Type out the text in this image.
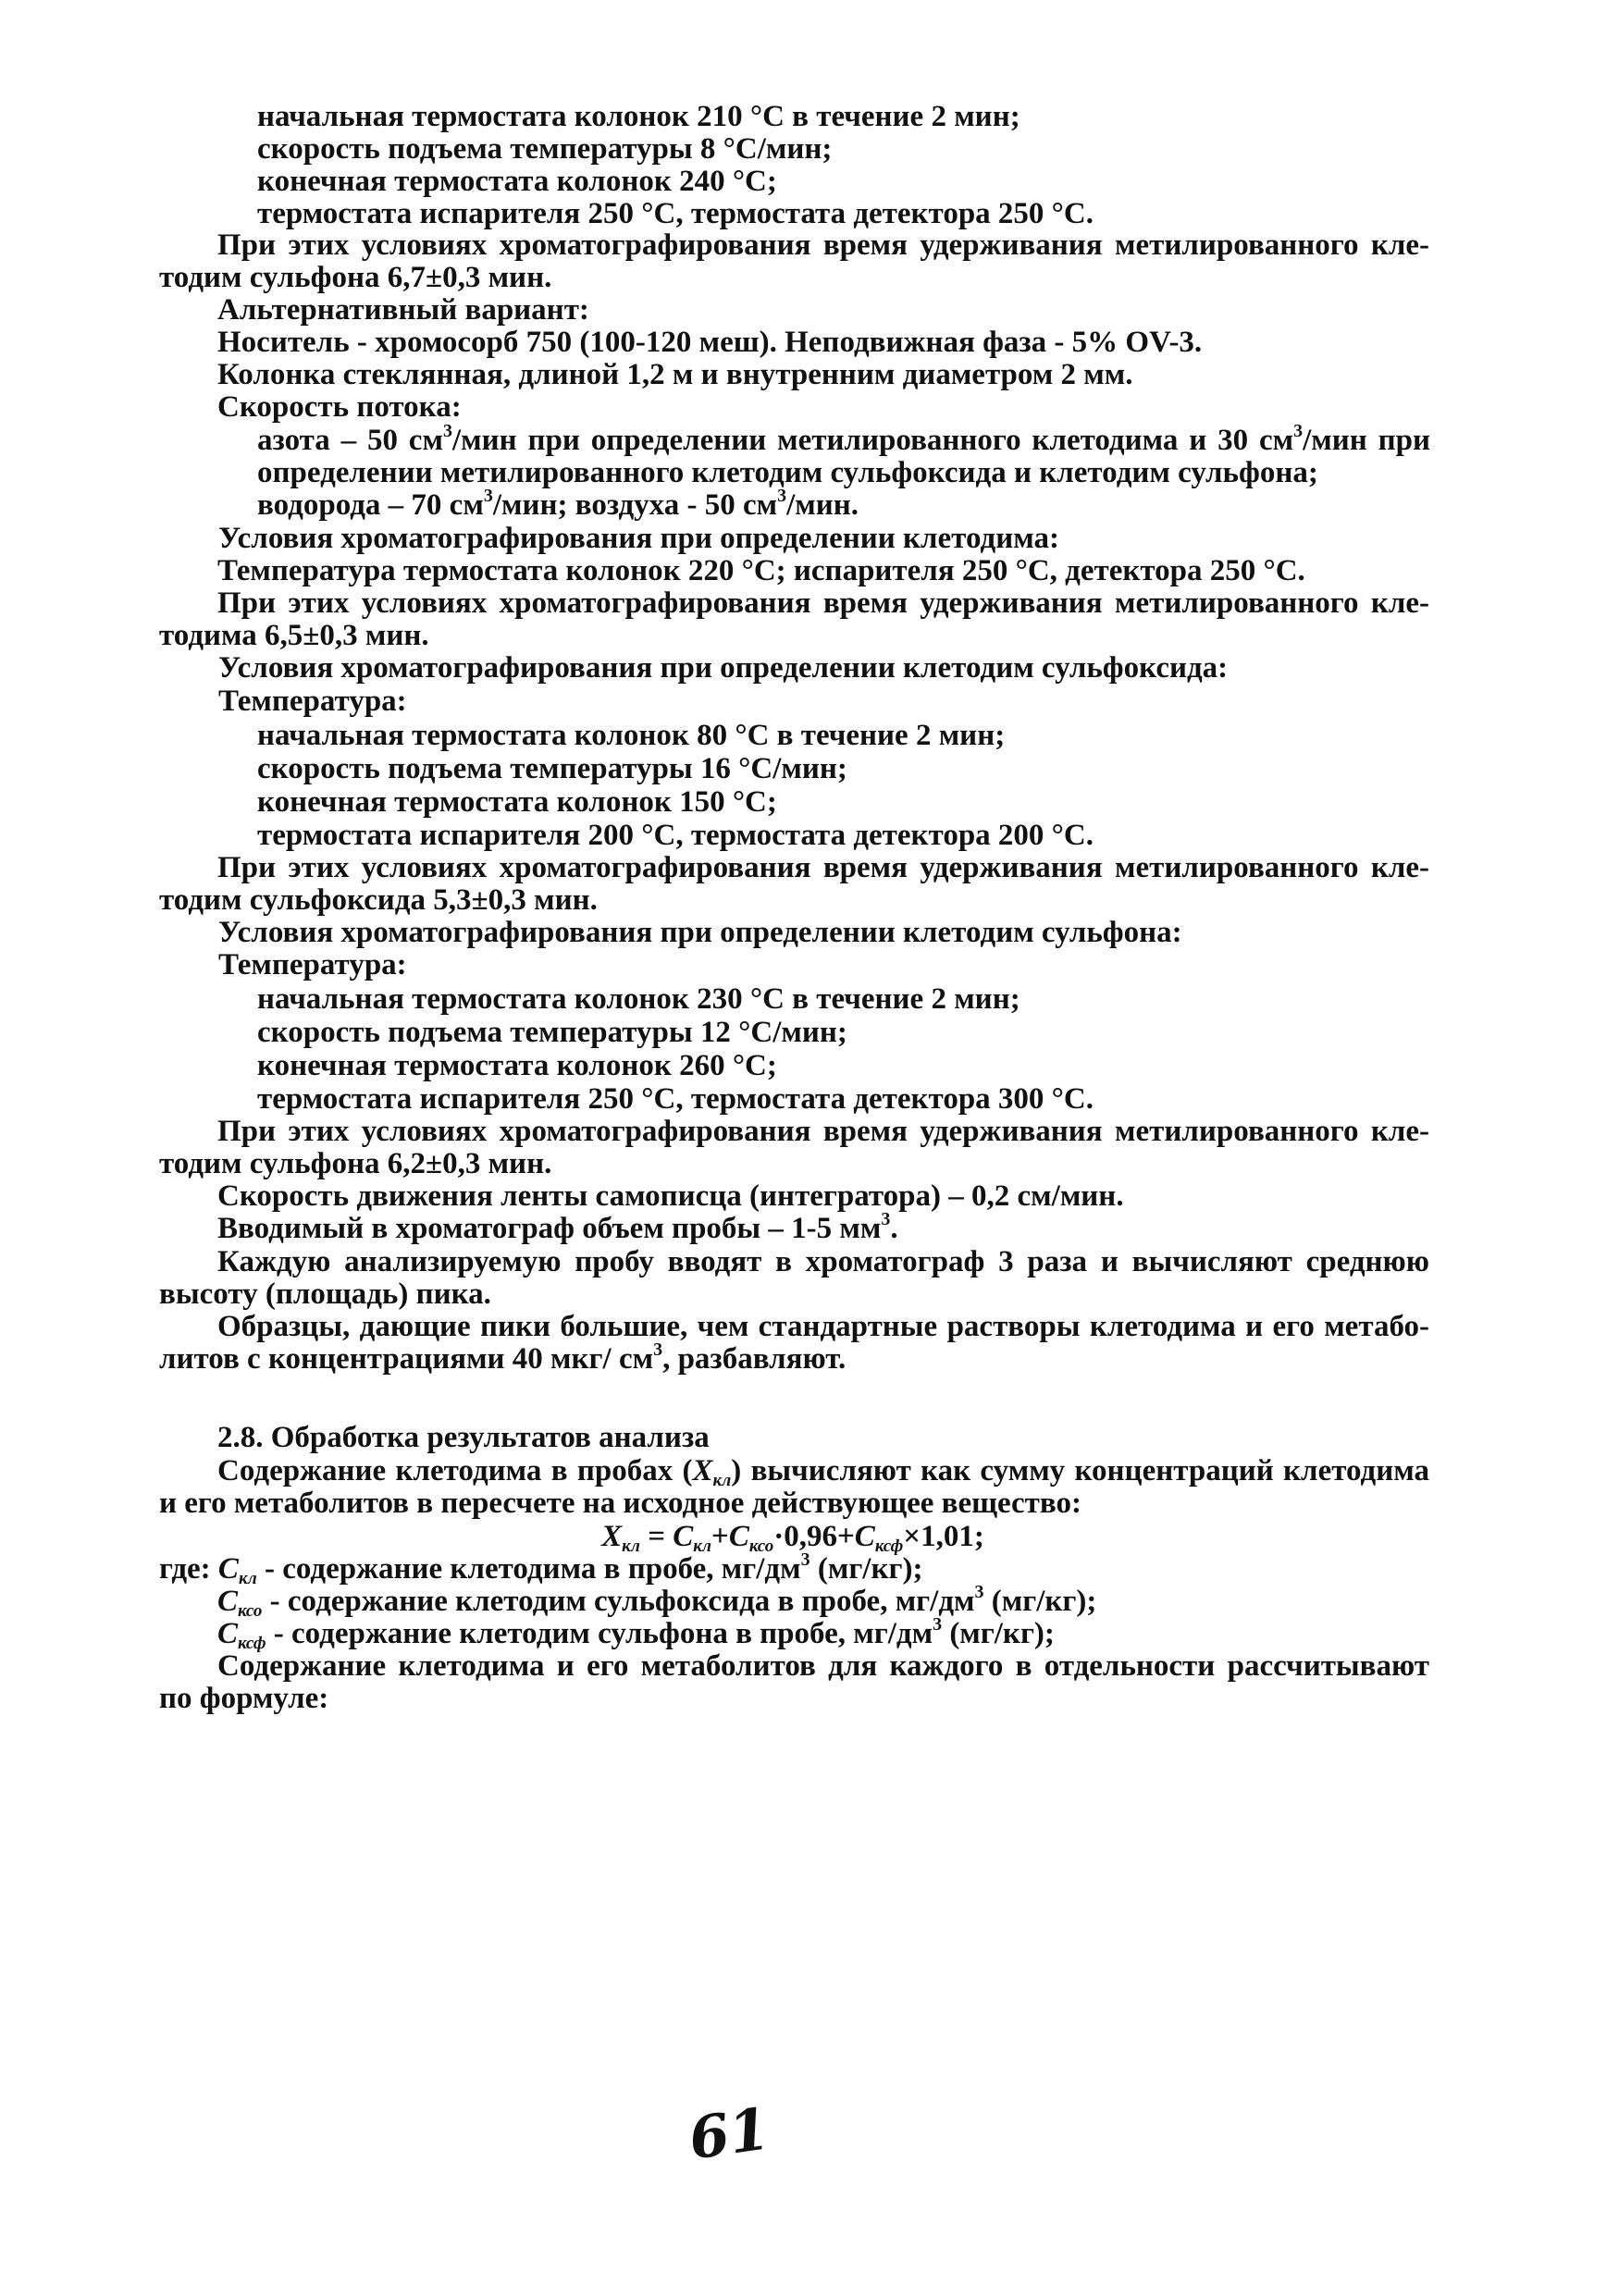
начальная термостата колонок 210 °С в течение 2 мин;
скорость подъема температуры 8 °С/мин;
конечная термостата колонок 240 °С;
термостата испарителя 250 °С, термостата детектора 250 °С.
При этих условиях хроматографирования время удерживания метилированного кле-
тодим сульфона 6,7±0,3 мин.
Альтернативный вариант:
Носитель - хромосорб 750 (100-120 меш). Неподвижная фаза - 5% OV-3.
Колонка стеклянная, длиной 1,2 м и внутренним диаметром 2 мм.
Скорость потока:
азота – 50 $см^3$/мин при определении метилированного клетодима и 30 $см^3$/мин при
определении метилированного клетодим сульфоксида и клетодим сульфона;
водорода – 70 $см^3$/мин; воздуха - 50 $см^3$/мин.
Условия хроматографирования при определении клетодима:
Температура термостата колонок 220 °С; испарителя 250 °С, детектора 250 °С.
При этих условиях хроматографирования время удерживания метилированного кле-
тодима 6,5±0,3 мин.
Условия хроматографирования при определении клетодим сульфоксида:
Температура:
начальная термостата колонок 80 °С в течение 2 мин;
скорость подъема температуры 16 °С/мин;
конечная термостата колонок 150 °С;
термостата испарителя 200 °С, термостата детектора 200 °С.
При этих условиях хроматографирования время удерживания метилированного кле-
тодим сульфоксида 5,3±0,3 мин.
Условия хроматографирования при определении клетодим сульфона:
Температура:
начальная термостата колонок 230 °С в течение 2 мин;
скорость подъема температуры 12 °С/мин;
конечная термостата колонок 260 °С;
термостата испарителя 250 °С, термостата детектора 300 °С.
При этих условиях хроматографирования время удерживания метилированного кле-
тодим сульфона 6,2±0,3 мин.
Скорость движения ленты самописца (интегратора) – 0,2 см/мин.
Вводимый в хроматограф объем пробы – 1-5 $мм^3$.
Каждую анализируемую пробу вводят в хроматограф 3 раза и вычисляют среднюю
высоту (площадь) пика.
Образцы, дающие пики большие, чем стандартные растворы клетодима и его метабо-
литов с концентрациями 40 мкг/ $см^3$, разбавляют.
2.8. Обработка результатов анализа
Содержание клетодима в пробах $(X_{кл})$ вычисляют как сумму концентраций клетодима
и его метаболитов в пересчете на исходное действующее вещество:
$X_{кл} = C_{кл}+C_{ксо}\cdot 0,96+C_{ксф}\times 1,01$;
где: $C_{кл}$ - содержание клетодима в пробе, $мг/дм^3$ (мг/кг);
$C_{ксо}$ - содержание клетодим сульфоксида в пробе, $мг/дм^3$ (мг/кг);
$C_{ксф}$ - содержание клетодим сульфона в пробе, $мг/дм^3$ (мг/кг);
Содержание клетодима и его метаболитов для каждого в отдельности рассчитывают
по формуле:
61
